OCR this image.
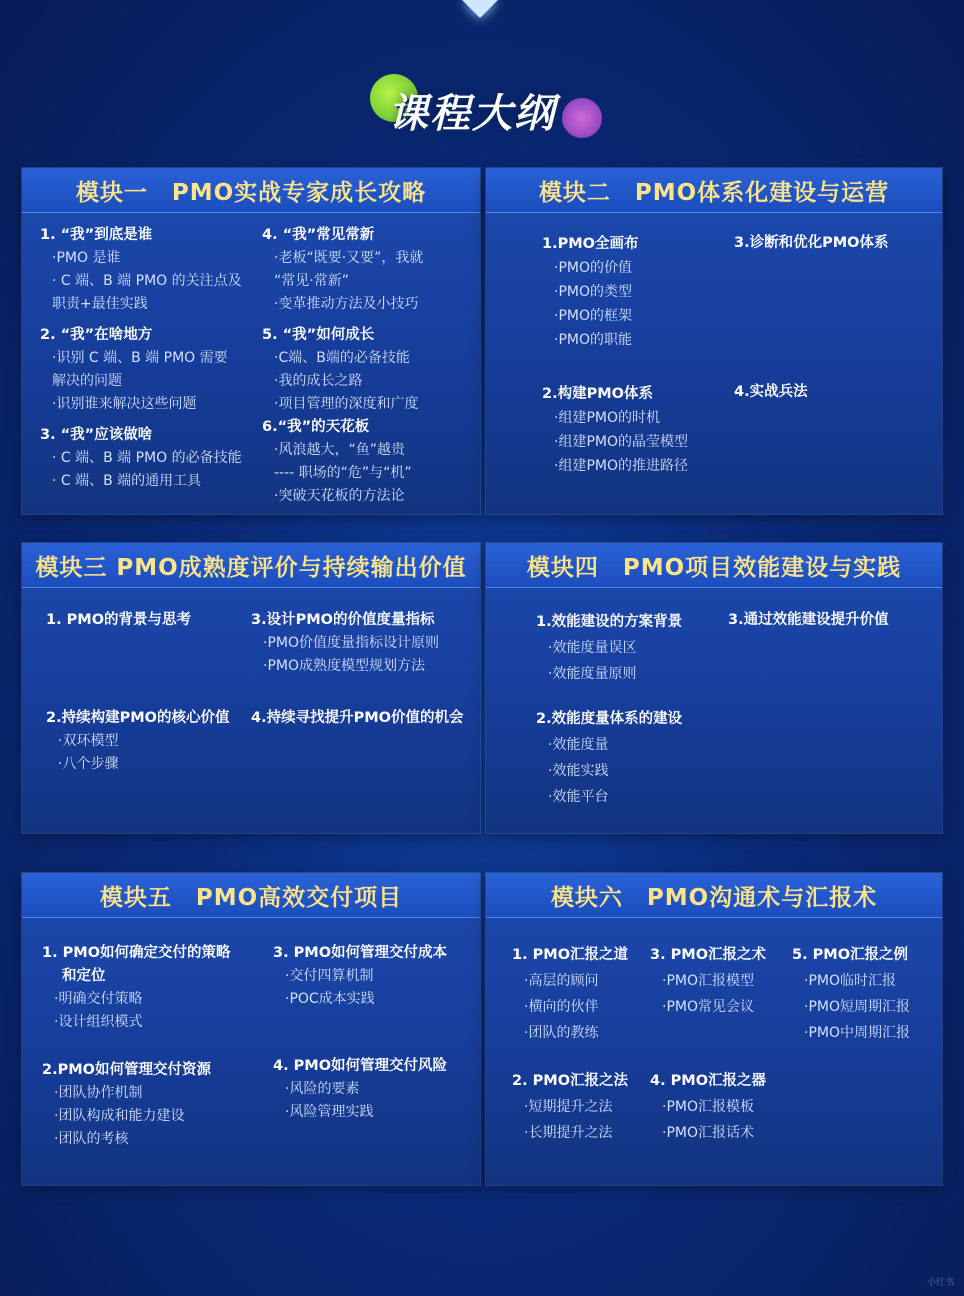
课程大纲
模块一　PMO实战专家成长攻略
1. “我”到底是谁
·PMO 是谁
· C 端、B 端 PMO 的关注点及
职责+最佳实践
2. “我”在啥地方
·识别 C 端、B 端 PMO 需要
解决的问题
·识别谁来解决这些问题
3. “我”应该做啥
· C 端、B 端 PMO 的必备技能
· C 端、B 端的通用工具
4. “我”常见常新
·老板“既要·又要”，我就
“常见·常新”
·变革推动方法及小技巧
5. “我”如何成长
·C端、B端的必备技能
·我的成长之路
·项目管理的深度和广度
6.“我”的天花板
·风浪越大，“鱼”越贵
---- 职场的“危”与“机”
·突破天花板的方法论
模块二　PMO体系化建设与运营
1.PMO全画布
·PMO的价值
·PMO的类型
·PMO的框架
·PMO的职能
2.构建PMO体系
·组建PMO的时机
·组建PMO的晶莹模型
·组建PMO的推进路径
3.诊断和优化PMO体系
4.实战兵法
模块三 PMO成熟度评价与持续输出价值
1. PMO的背景与思考
2.持续构建PMO的核心价值
·双环模型
·八个步骤
3.设计PMO的价值度量指标
·PMO价值度量指标设计原则
·PMO成熟度模型规划方法
4.持续寻找提升PMO价值的机会
模块四　PMO项目效能建设与实践
1.效能建设的方案背景
·效能度量误区
·效能度量原则
2.效能度量体系的建设
·效能度量
·效能实践
·效能平台
3.通过效能建设提升价值
模块五　PMO高效交付项目
1. PMO如何确定交付的策略
和定位
·明确交付策略
·设计组织模式
2.PMO如何管理交付资源
·团队协作机制
·团队构成和能力建设
·团队的考核
3. PMO如何管理交付成本
·交付四算机制
·POC成本实践
4. PMO如何管理交付风险
·风险的要素
·风险管理实践
模块六　PMO沟通术与汇报术
1. PMO汇报之道
·高层的顾问
·横向的伙伴
·团队的教练
2. PMO汇报之法
·短期提升之法
·长期提升之法
3. PMO汇报之术
·PMO汇报模型
·PMO常见会议
4. PMO汇报之器
·PMO汇报模板
·PMO汇报话术
5. PMO汇报之例
·PMO临时汇报
·PMO短周期汇报
·PMO中周期汇报
小红书
